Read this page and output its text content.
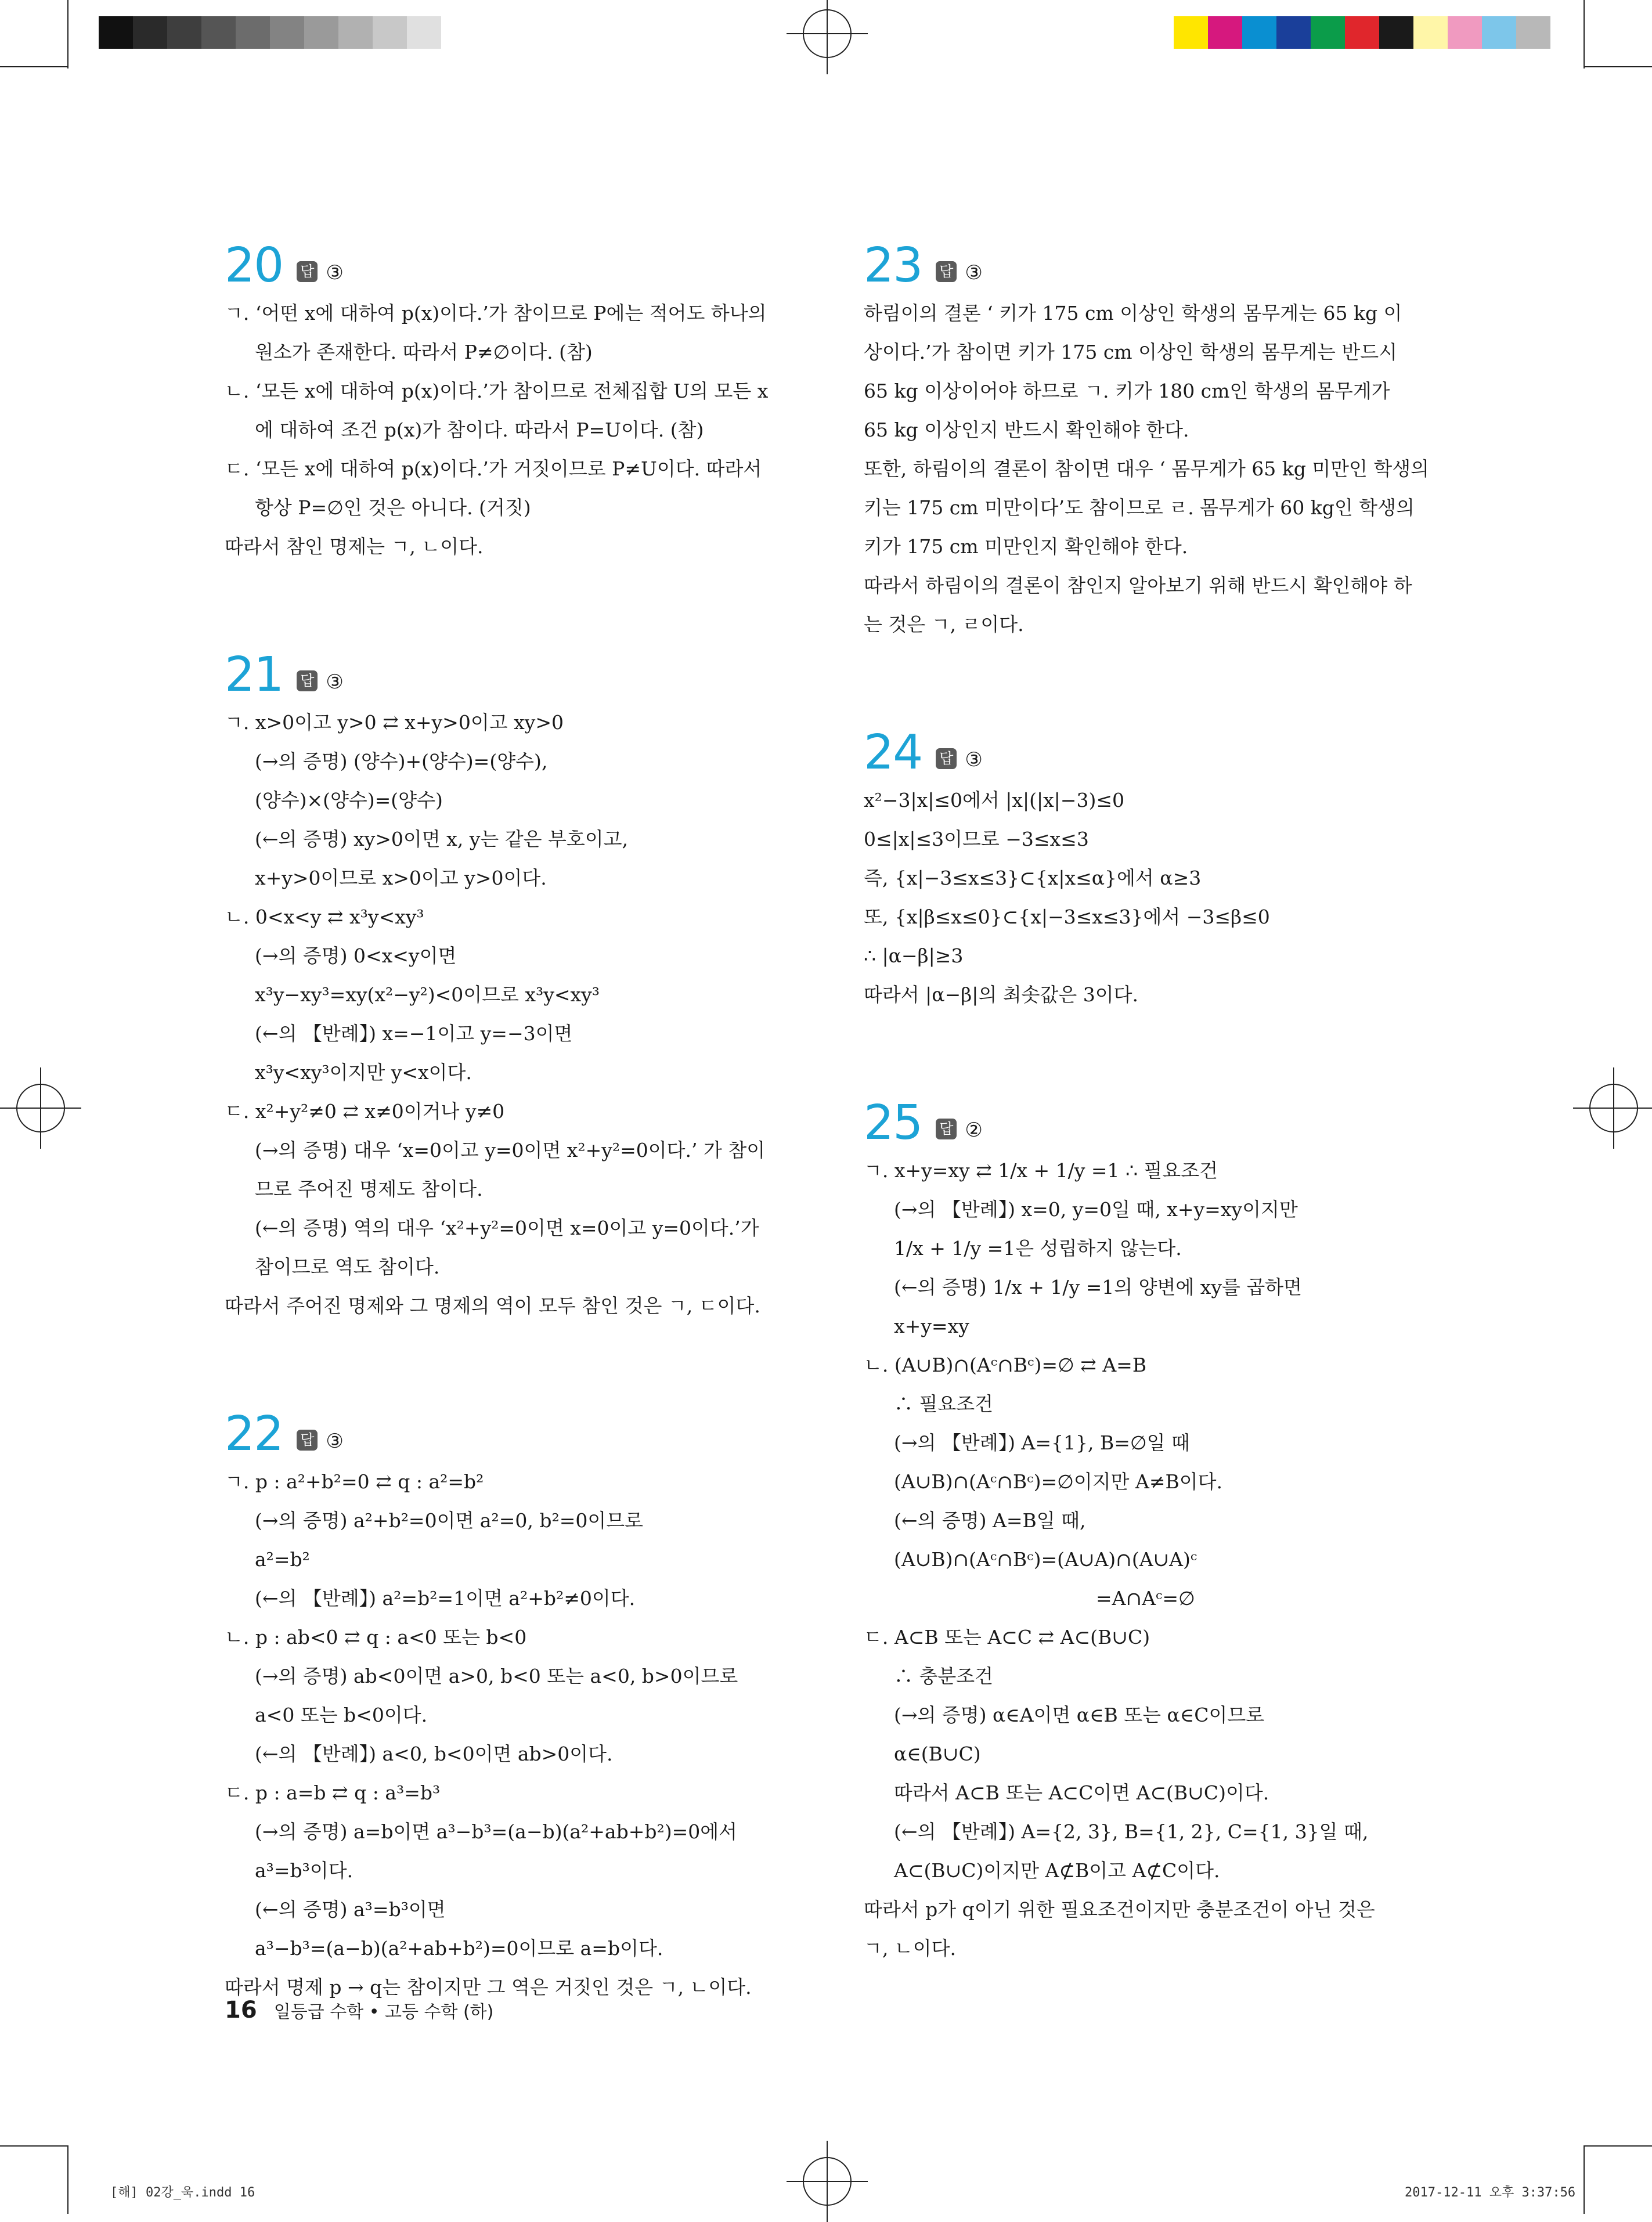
20 답 ③
ㄱ. ‘어떤 x에 대하여 p(x)이다.’가 참이므로 P에는 적어도 하나의
원소가 존재한다. 따라서 P≠∅이다. (참)
ㄴ. ‘모든 x에 대하여 p(x)이다.’가 참이므로 전체집합 U의 모든 x
에 대하여 조건 p(x)가 참이다. 따라서 P=U이다. (참)
ㄷ. ‘모든 x에 대하여 p(x)이다.’가 거짓이므로 P≠U이다. 따라서
항상 P=∅인 것은 아니다. (거짓)
따라서 참인 명제는 ㄱ, ㄴ이다.
21 답 ③
ㄱ. x>0이고 y>0 ⇄ x+y>0이고 xy>0
(→의 증명) (양수)+(양수)=(양수),
(양수)×(양수)=(양수)
(←의 증명) xy>0이면 x, y는 같은 부호이고,
x+y>0이므로 x>0이고 y>0이다.
ㄴ. 0<x<y ⇄ x³y<xy³
(→의 증명) 0<x<y이면
x³y−xy³=xy(x²−y²)<0이므로 x³y<xy³
(←의 【반례】) x=−1이고 y=−3이면
x³y<xy³이지만 y<x이다.
ㄷ. x²+y²≠0 ⇄ x≠0이거나 y≠0
(→의 증명) 대우 ‘x=0이고 y=0이면 x²+y²=0이다.’ 가 참이
므로 주어진 명제도 참이다.
(←의 증명) 역의 대우 ‘x²+y²=0이면 x=0이고 y=0이다.’가
참이므로 역도 참이다.
따라서 주어진 명제와 그 명제의 역이 모두 참인 것은 ㄱ, ㄷ이다.
22 답 ③
ㄱ. p : a²+b²=0 ⇄ q : a²=b²
(→의 증명) a²+b²=0이면 a²=0, b²=0이므로
a²=b²
(←의 【반례】) a²=b²=1이면 a²+b²≠0이다.
ㄴ. p : ab<0 ⇄ q : a<0 또는 b<0
(→의 증명) ab<0이면 a>0, b<0 또는 a<0, b>0이므로
a<0 또는 b<0이다.
(←의 【반례】) a<0, b<0이면 ab>0이다.
ㄷ. p : a=b ⇄ q : a³=b³
(→의 증명) a=b이면 a³−b³=(a−b)(a²+ab+b²)=0에서
a³=b³이다.
(←의 증명) a³=b³이면
a³−b³=(a−b)(a²+ab+b²)=0이므로 a=b이다.
따라서 명제 p → q는 참이지만 그 역은 거짓인 것은 ㄱ, ㄴ이다.
23 답 ③
하림이의 결론 ‘ 키가 175 cm 이상인 학생의 몸무게는 65 kg 이
상이다.’가 참이면 키가 175 cm 이상인 학생의 몸무게는 반드시
65 kg 이상이어야 하므로 ㄱ. 키가 180 cm인 학생의 몸무게가
65 kg 이상인지 반드시 확인해야 한다.
또한, 하림이의 결론이 참이면 대우 ‘ 몸무게가 65 kg 미만인 학생의
키는 175 cm 미만이다’도 참이므로 ㄹ. 몸무게가 60 kg인 학생의
키가 175 cm 미만인지 확인해야 한다.
따라서 하림이의 결론이 참인지 알아보기 위해 반드시 확인해야 하
는 것은 ㄱ, ㄹ이다.
24 답 ③
x²−3|x|≤0에서 |x|(|x|−3)≤0
0≤|x|≤3이므로 −3≤x≤3
즉, {x|−3≤x≤3}⊂{x|x≤α}에서 α≥3
또, {x|β≤x≤0}⊂{x|−3≤x≤3}에서 −3≤β≤0
∴ |α−β|≥3
따라서 |α−β|의 최솟값은 3이다.
25 답 ②
ㄱ. x+y=xy ⇄ 1/x + 1/y =1 ∴ 필요조건
(→의 【반례】) x=0, y=0일 때, x+y=xy이지만
1/x + 1/y =1은 성립하지 않는다.
(←의 증명) 1/x + 1/y =1의 양변에 xy를 곱하면
x+y=xy
ㄴ. (A∪B)∩(Aᶜ∩Bᶜ)=∅ ⇄ A=B
∴ 필요조건
(→의 【반례】) A={1}, B=∅일 때
(A∪B)∩(Aᶜ∩Bᶜ)=∅이지만 A≠B이다.
(←의 증명) A=B일 때,
(A∪B)∩(Aᶜ∩Bᶜ)=(A∪A)∩(A∪A)ᶜ
=A∩Aᶜ=∅
ㄷ. A⊂B 또는 A⊂C ⇄ A⊂(B∪C)
∴ 충분조건
(→의 증명) α∈A이면 α∈B 또는 α∈C이므로
α∈(B∪C)
따라서 A⊂B 또는 A⊂C이면 A⊂(B∪C)이다.
(←의 【반례】) A={2, 3}, B={1, 2}, C={1, 3}일 때,
A⊂(B∪C)이지만 A⊄B이고 A⊄C이다.
따라서 p가 q이기 위한 필요조건이지만 충분조건이 아닌 것은
ㄱ, ㄴ이다.
16 일등급 수학 • 고등 수학 (하)
[해] 02강_욱.indd 16	2017-12-11 오후 3:37:56
